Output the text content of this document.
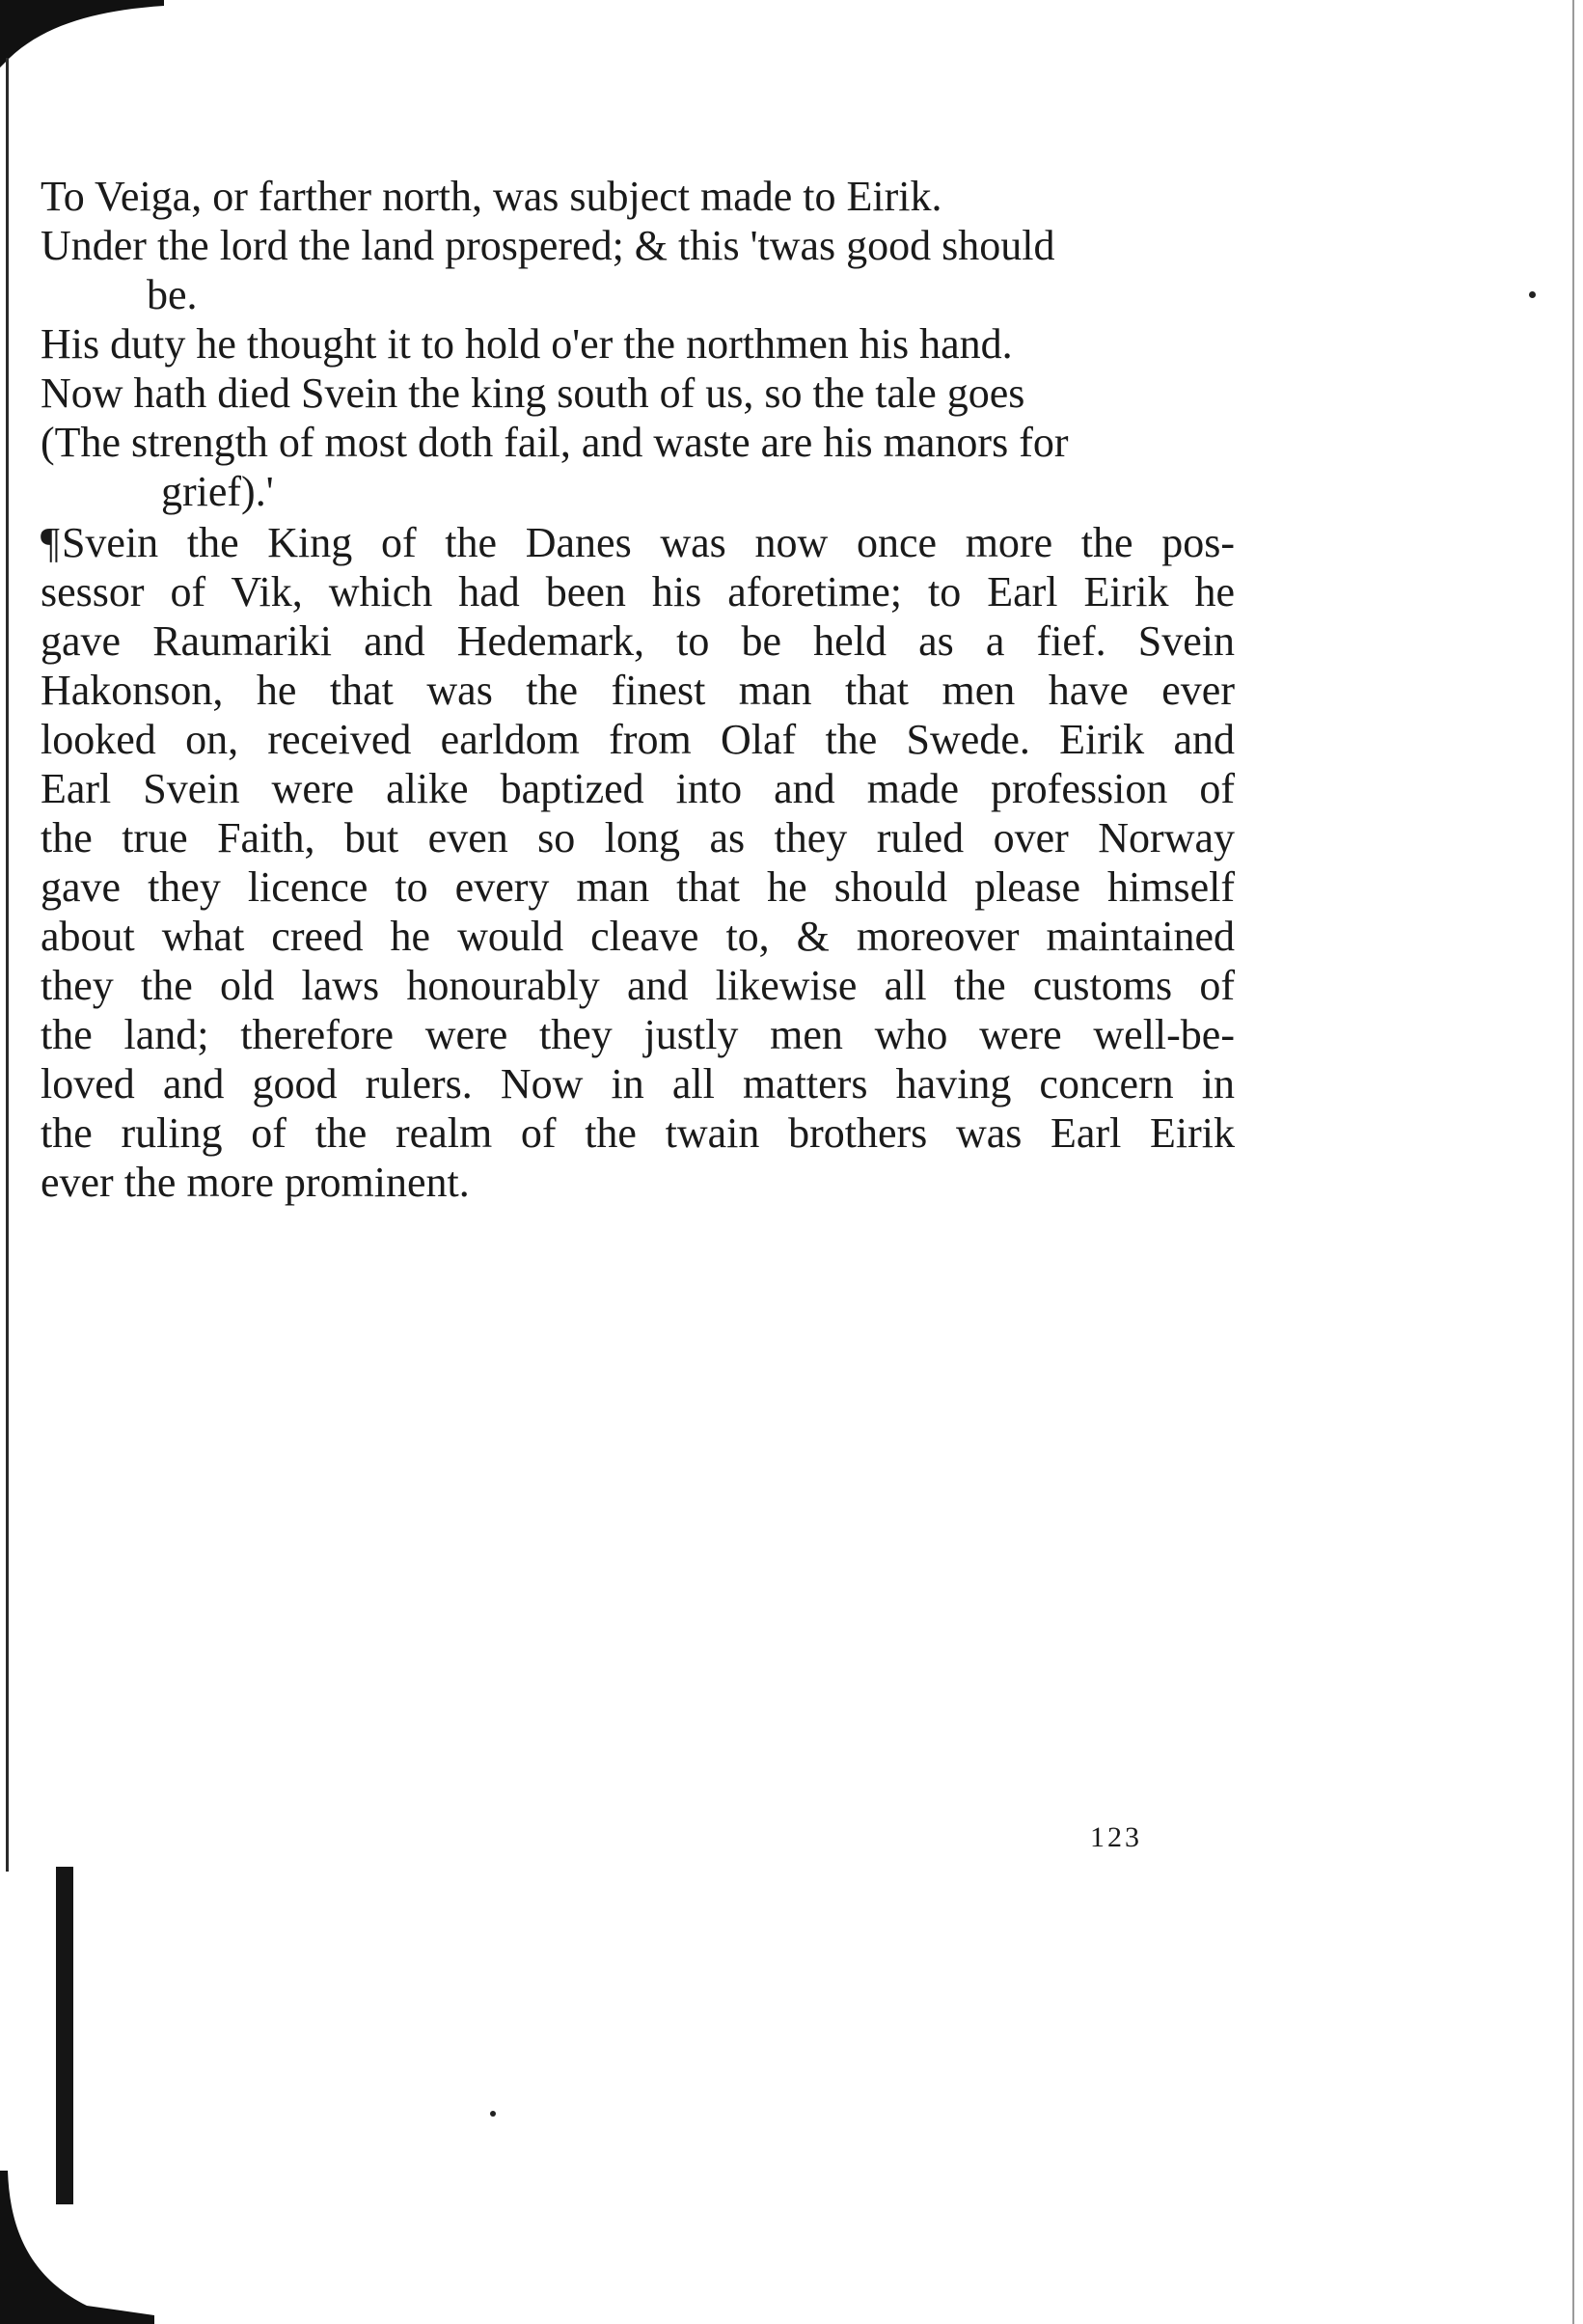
To Veiga, or farther north, was subject made to Eirik.
Under the lord the land prospered; & this 'twas good should
be.
His duty he thought it to hold o'er the northmen his hand.
Now hath died Svein the king south of us, so the tale goes
(The strength of most doth fail, and waste are his manors for
grief).'
¶Svein the King of the Danes was now once more the pos-
sessor of Vik, which had been his aforetime; to Earl Eirik he
gave Raumariki and Hedemark, to be held as a fief. Svein
Hakonson, he that was the finest man that men have ever
looked on, received earldom from Olaf the Swede. Eirik and
Earl Svein were alike baptized into and made profession of
the true Faith, but even so long as they ruled over Norway
gave they licence to every man that he should please himself
about what creed he would cleave to, & moreover maintained
they the old laws honourably and likewise all the customs of
the land; therefore were they justly men who were well-be-
loved and good rulers. Now in all matters having concern in
the ruling of the realm of the twain brothers was Earl Eirik
ever the more prominent.
123
